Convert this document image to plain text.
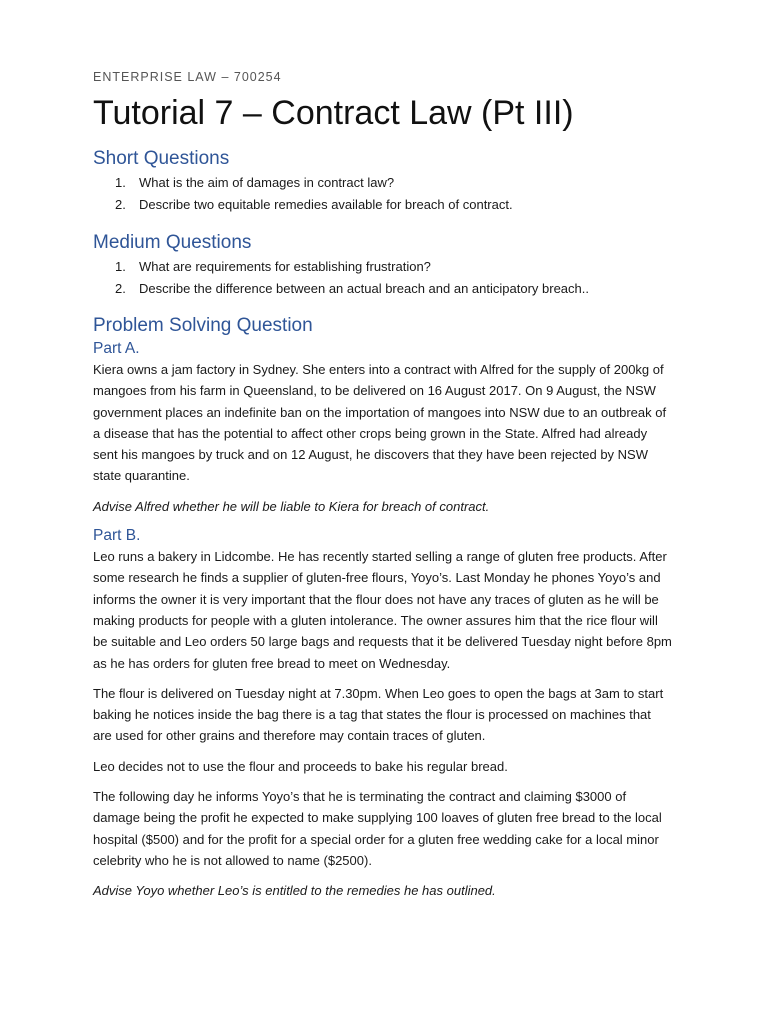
ENTERPRISE LAW – 700254
Tutorial 7 – Contract Law (Pt III)
Short Questions
1. What is the aim of damages in contract law?
2. Describe two equitable remedies available for breach of contract.
Medium Questions
1. What are requirements for establishing frustration?
2. Describe the difference between an actual breach and an anticipatory breach..
Problem Solving Question
Part A.

Kiera owns a jam factory in Sydney. She enters into a contract with Alfred for the supply of 200kg of mangoes from his farm in Queensland, to be delivered on 16 August 2017. On 9 August, the NSW government places an indefinite ban on the importation of mangoes into NSW due to an outbreak of a disease that has the potential to affect other crops being grown in the State. Alfred had already sent his mangoes by truck and on 12 August, he discovers that they have been rejected by NSW state quarantine.

Advise Alfred whether he will be liable to Kiera for breach of contract.

Part B.

Leo runs a bakery in Lidcombe. He has recently started selling a range of gluten free products. After some research he finds a supplier of gluten-free flours, Yoyo’s. Last Monday he phones Yoyo’s and informs the owner it is very important that the flour does not have any traces of gluten as he will be making products for people with a gluten intolerance. The owner assures him that the rice flour will be suitable and Leo orders 50 large bags and requests that it be delivered Tuesday night before 8pm as he has orders for gluten free bread to meet on Wednesday.

The flour is delivered on Tuesday night at 7.30pm. When Leo goes to open the bags at 3am to start baking he notices inside the bag there is a tag that states the flour is processed on machines that are used for other grains and therefore may contain traces of gluten.

Leo decides not to use the flour and proceeds to bake his regular bread.

The following day he informs Yoyo’s that he is terminating the contract and claiming $3000 of damage being the profit he expected to make supplying 100 loaves of gluten free bread to the local hospital ($500) and for the profit for a special order for a gluten free wedding cake for a local minor celebrity who he is not allowed to name ($2500).

Advise Yoyo whether Leo’s is entitled to the remedies he has outlined.
